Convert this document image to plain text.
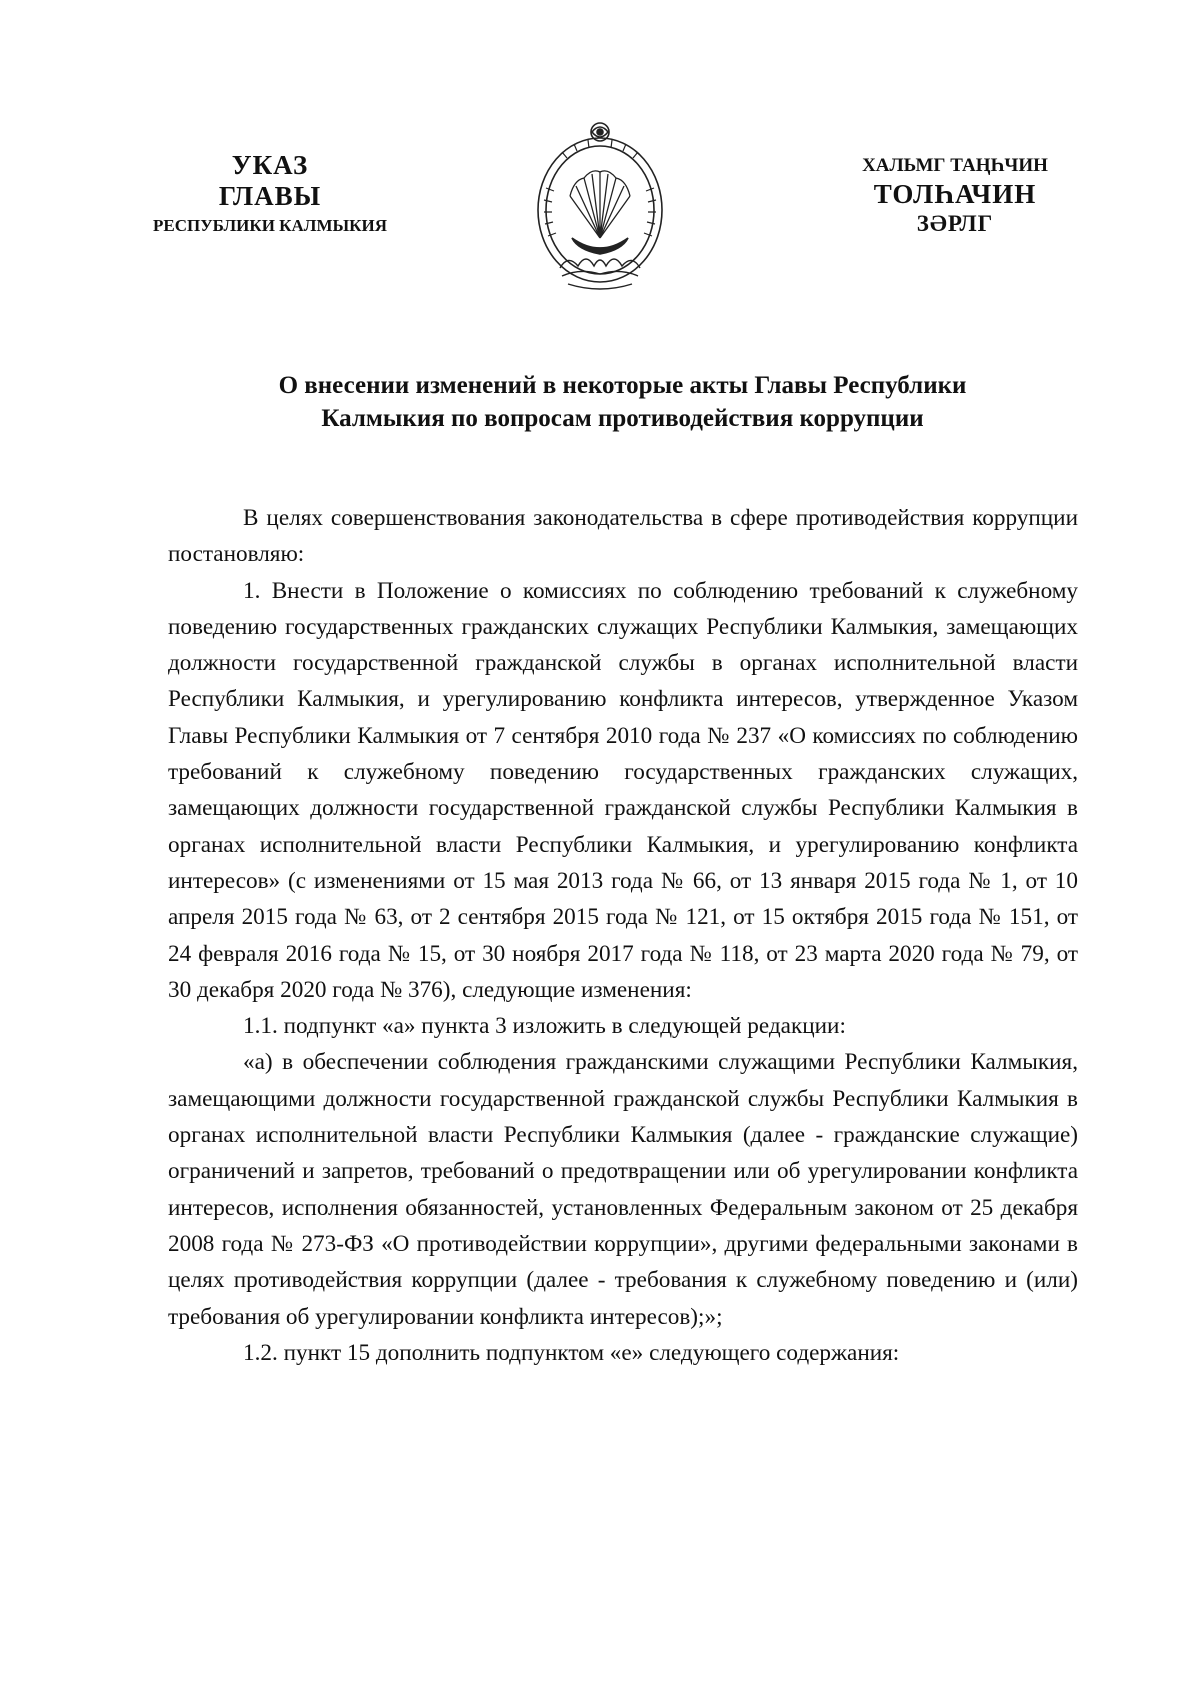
УКАЗ
ГЛАВЫ
РЕСПУБЛИКИ КАЛМЫКИЯ
ХАЛЬМГ ТАҢҺЧИН
ТОЛҺАЧИН
ЗӘРЛГ
О внесении изменений в некоторые акты Главы Республики
Калмыкия по вопросам противодействия коррупции

В целях совершенствования законодательства в сфере противодействия коррупции постановляю:

1. Внести в Положение о комиссиях по соблюдению требований к служебному поведению государственных гражданских служащих Республики Калмыкия, замещающих должности государственной гражданской службы в органах исполнительной власти Республики Калмыкия, и урегулированию конфликта интересов, утвержденное Указом Главы Республики Калмыкия от 7 сентября 2010 года № 237 «О комиссиях по соблюдению требований к служебному поведению государственных гражданских служащих, замещающих должности государственной гражданской службы Республики Калмыкия в органах исполнительной власти Республики Калмыкия, и урегулированию конфликта интересов» (с изменениями от 15 мая 2013 года № 66, от 13 января 2015 года № 1, от 10 апреля 2015 года № 63, от 2 сентября 2015 года № 121, от 15 октября 2015 года № 151, от 24 февраля 2016 года № 15, от 30 ноября 2017 года № 118, от 23 марта 2020 года № 79, от 30 декабря 2020 года № 376), следующие изменения:

1.1. подпункт «а» пункта 3 изложить в следующей редакции:

«а) в обеспечении соблюдения гражданскими служащими Республики Калмыкия, замещающими должности государственной гражданской службы Республики Калмыкия в органах исполнительной власти Республики Калмыкия (далее - гражданские служащие) ограничений и запретов, требований о предотвращении или об урегулировании конфликта интересов, исполнения обязанностей, установленных Федеральным законом от 25 декабря 2008 года № 273-ФЗ «О противодействии коррупции», другими федеральными законами в целях противодействия коррупции (далее - требования к служебному поведению и (или) требования об урегулировании конфликта интересов);»;

1.2. пункт 15 дополнить подпунктом «е» следующего содержания:
